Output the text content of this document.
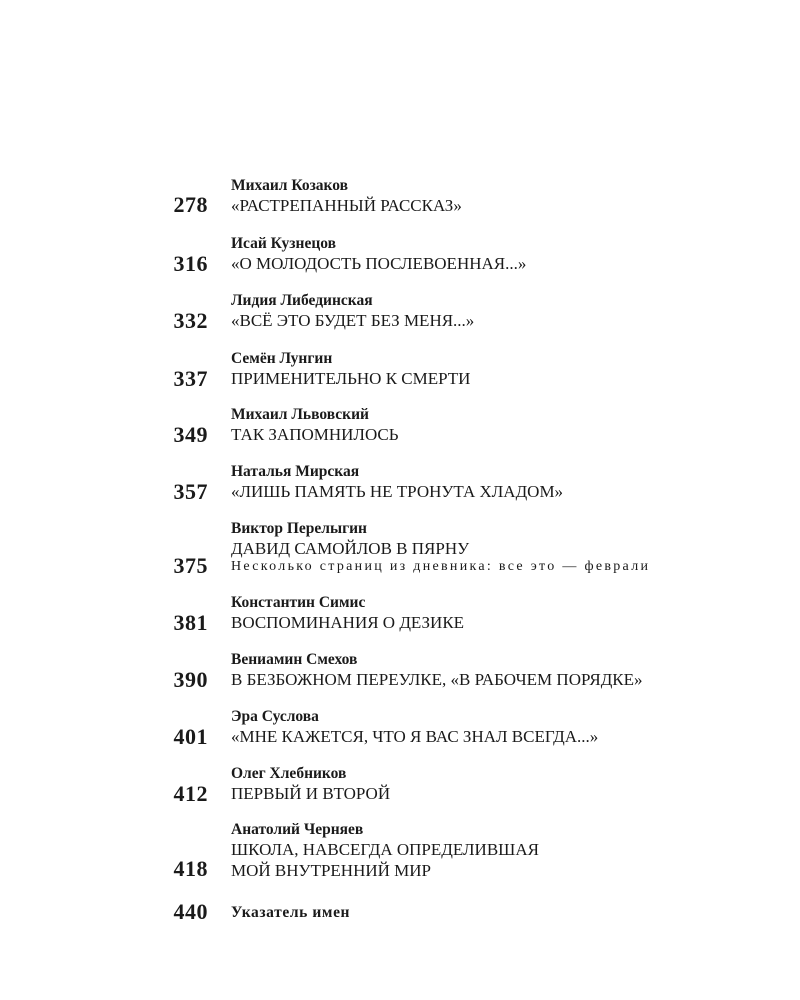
Михаил Козаков
278 «РАСТРЕПАННЫЙ РАССКАЗ»
Исай Кузнецов
316 «О МОЛОДОСТЬ ПОСЛЕВОЕННАЯ...»
Лидия Либединская
332 «ВСЁ ЭТО БУДЕТ БЕЗ МЕНЯ...»
Семён Лунгин
337 ПРИМЕНИТЕЛЬНО К СМЕРТИ
Михаил Львовский
349 ТАК ЗАПОМНИЛОСЬ
Наталья Мирская
357 «ЛИШЬ ПАМЯТЬ НЕ ТРОНУТА ХЛАДОМ»
Виктор Перелыгин
ДАВИД САМОЙЛОВ В ПЯРНУ
375 Несколько страниц из дневника: все это — феврали
Константин Симис
381 ВОСПОМИНАНИЯ О ДЕЗИКЕ
Вениамин Смехов
390 В БЕЗБОЖНОМ ПЕРЕУЛКЕ, «В РАБОЧЕМ ПОРЯДКЕ»
Эра Суслова
401 «МНЕ КАЖЕТСЯ, ЧТО Я ВАС ЗНАЛ ВСЕГДА...»
Олег Хлебников
412 ПЕРВЫЙ И ВТОРОЙ
Анатолий Черняев
ШКОЛА, НАВСЕГДА ОПРЕДЕЛИВШАЯ
418 МОЙ ВНУТРЕННИЙ МИР
440 Указатель имен
